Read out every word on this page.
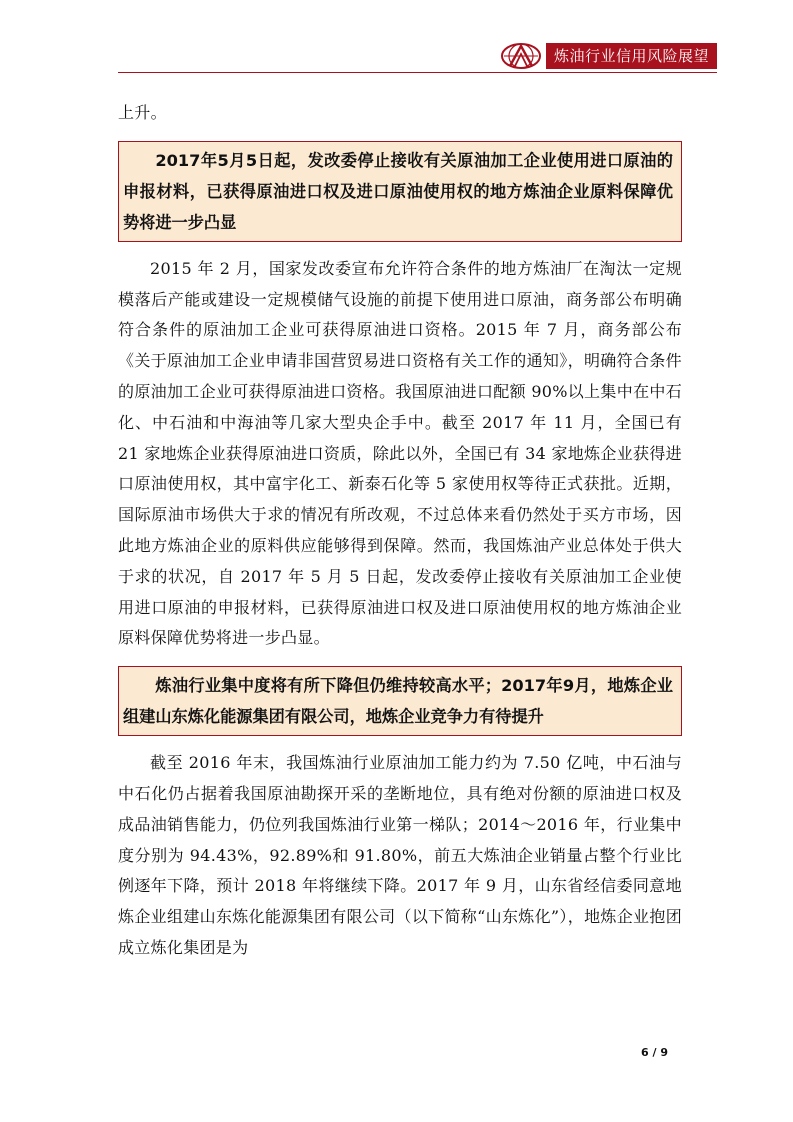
炼油行业信用风险展望

上升。

2017年5月5日起，发改委停止接收有关原油加工企业使用进口原油的申报材料，已获得原油进口权及进口原油使用权的地方炼油企业原料保障优势将进一步凸显

2015 年 2 月，国家发改委宣布允许符合条件的地方炼油厂在淘汰一定规模落后产能或建设一定规模储气设施的前提下使用进口原油，商务部公布明确符合条件的原油加工企业可获得原油进口资格。2015 年 7 月，商务部公布《关于原油加工企业申请非国营贸易进口资格有关工作的通知》，明确符合条件的原油加工企业可获得原油进口资格。我国原油进口配额 90%以上集中在中石化、中石油和中海油等几家大型央企手中。截至 2017 年 11 月，全国已有 21 家地炼企业获得原油进口资质，除此以外，全国已有 34 家地炼企业获得进口原油使用权，其中富宇化工、新泰石化等 5 家使用权等待正式获批。近期，国际原油市场供大于求的情况有所改观，不过总体来看仍然处于买方市场，因此地方炼油企业的原料供应能够得到保障。然而，我国炼油产业总体处于供大于求的状况，自 2017 年 5 月 5 日起，发改委停止接收有关原油加工企业使用进口原油的申报材料，已获得原油进口权及进口原油使用权的地方炼油企业原料保障优势将进一步凸显。

炼油行业集中度将有所下降但仍维持较高水平；2017年9月，地炼企业组建山东炼化能源集团有限公司，地炼企业竞争力有待提升

截至 2016 年末，我国炼油行业原油加工能力约为 7.50 亿吨，中石油与中石化仍占据着我国原油勘探开采的垄断地位，具有绝对份额的原油进口权及成品油销售能力，仍位列我国炼油行业第一梯队；2014～2016 年，行业集中度分别为 94.43%，92.89%和 91.80%，前五大炼油企业销量占整个行业比例逐年下降，预计 2018 年将继续下降。2017 年 9 月，山东省经信委同意地炼企业组建山东炼化能源集团有限公司（以下简称“山东炼化”），地炼企业抱团成立炼化集团是为

6 / 9
